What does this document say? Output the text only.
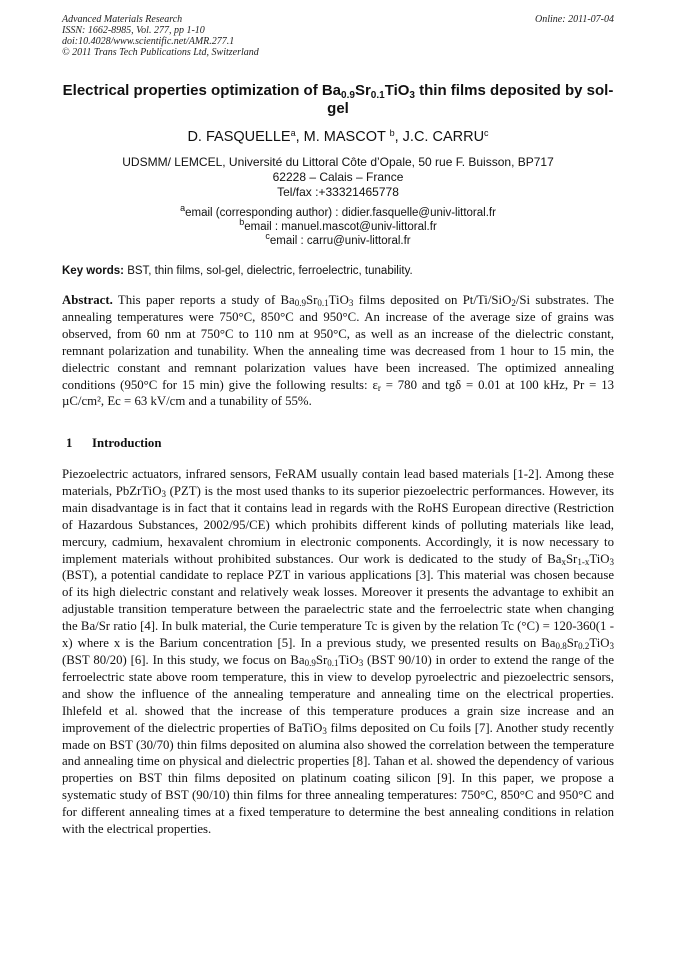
Advanced Materials Research
ISSN: 1662-8985, Vol. 277, pp 1-10
doi:10.4028/www.scientific.net/AMR.277.1
© 2011 Trans Tech Publications Ltd, Switzerland
Online: 2011-07-04
Electrical properties optimization of $Ba_{0.9}Sr_{0.1}TiO_3$ thin films deposited by sol-gel
D. FASQUELLE$^a$, M. MASCOT $^b$, J.C. CARRU$^c$
UDSMM/ LEMCEL, Université du Littoral Côte d’Opale, 50 rue F. Buisson, BP717
62228 – Calais – France
Tel/fax :+33321465778
$^a$email (corresponding author) : didier.fasquelle@univ-littoral.fr
$^b$email : manuel.mascot@univ-littoral.fr
$^c$email : carru@univ-littoral.fr
Key words: BST, thin films, sol-gel, dielectric, ferroelectric, tunability.
Abstract. This paper reports a study of $Ba_{0.9}Sr_{0.1}TiO_3$ films deposited on Pt/Ti/SiO$_2$/Si substrates. The annealing temperatures were 750°C, 850°C and 950°C. An increase of the average size of grains was observed, from 60 nm at 750°C to 110 nm at 950°C, as well as an increase of the dielectric constant, remnant polarization and tunability. When the annealing time was decreased from 1 hour to 15 min, the dielectric constant and remnant polarization values have been increased. The optimized annealing conditions (950°C for 15 min) give the following results: $\varepsilon_r = 780$ and tgδ = 0.01 at 100 kHz, Pr = 13 µC/cm², Ec = 63 kV/cm and a tunability of 55%.
1 Introduction
Piezoelectric actuators, infrared sensors, FeRAM usually contain lead based materials [1-2]. Among these materials, PbZrTiO$_3$ (PZT) is the most used thanks to its superior piezoelectric performances. However, its main disadvantage is in fact that it contains lead in regards with the RoHS European directive (Restriction of Hazardous Substances, 2002/95/CE) which prohibits different kinds of polluting materials like lead, mercury, cadmium, hexavalent chromium in electronic components. Accordingly, it is now necessary to implement materials without prohibited substances. Our work is dedicated to the study of $Ba_xSr_{1-x}TiO_3$ (BST), a potential candidate to replace PZT in various applications [3]. This material was chosen because of its high dielectric constant and relatively weak losses. Moreover it presents the advantage to exhibit an adjustable transition temperature between the paraelectric state and the ferroelectric state when changing the Ba/Sr ratio [4]. In bulk material, the Curie temperature Tc is given by the relation Tc (°C) = 120-360(1 - x) where x is the Barium concentration [5]. In a previous study, we presented results on $Ba_{0.8}Sr_{0.2}TiO_3$ (BST 80/20) [6]. In this study, we focus on $Ba_{0.9}Sr_{0.1}TiO_3$ (BST 90/10) in order to extend the range of the ferroelectric state above room temperature, this in view to develop pyroelectric and piezoelectric sensors, and show the influence of the annealing temperature and annealing time on the electrical properties. Ihlefeld et al. showed that the increase of this temperature produces a grain size increase and an improvement of the dielectric properties of BaTiO$_3$ films deposited on Cu foils [7]. Another study recently made on BST (30/70) thin films deposited on alumina also showed the correlation between the temperature and annealing time on physical and dielectric properties [8]. Tahan et al. showed the dependency of various properties on BST thin films deposited on platinum coating silicon [9]. In this paper, we propose a systematic study of BST (90/10) thin films for three annealing temperatures: 750°C, 850°C and 950°C and for different annealing times at a fixed temperature to determine the best annealing conditions in relation with the electrical properties.
